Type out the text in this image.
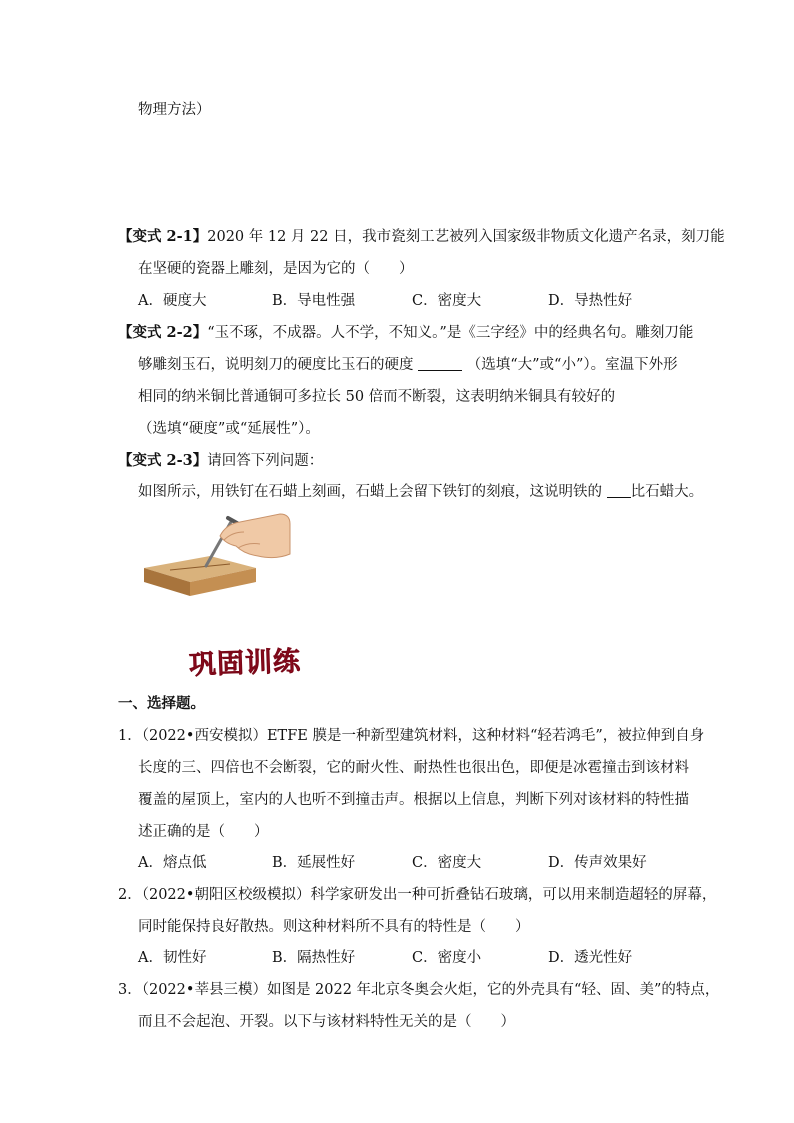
物理方法）
【变式 2-1】2020 年 12 月 22 日，我市瓷刻工艺被列入国家级非物质文化遗产名录，刻刀能
在坚硬的瓷器上雕刻，是因为它的（　　）
A．硬度大	B．导电性强	C．密度大	D．导热性好
【变式 2-2】“玉不琢，不成器。人不学，不知义。”是《三字经》中的经典名句。雕刻刀能
够雕刻玉石，说明刻刀的硬度比玉石的硬度	（选填“大”或“小”）。室温下外形
相同的纳米铜比普通铜可多拉长 50 倍而不断裂，这表明纳米铜具有较好的
（选填“硬度”或“延展性”）。
【变式 2-3】请回答下列问题：
如图所示，用铁钉在石蜡上刻画，石蜡上会留下铁钉的刻痕，这说明铁的 比石蜡大。
巩固训练
一、选择题。
1．（2022•西安模拟）ETFE 膜是一种新型建筑材料，这种材料“轻若鸿毛”，被拉伸到自身
长度的三、四倍也不会断裂，它的耐火性、耐热性也很出色，即便是冰雹撞击到该材料
覆盖的屋顶上，室内的人也听不到撞击声。根据以上信息，判断下列对该材料的特性描
述正确的是（　　）
A．熔点低	B．延展性好	C．密度大	D．传声效果好
2．（2022•朝阳区校级模拟）科学家研发出一种可折叠钻石玻璃，可以用来制造超轻的屏幕，
同时能保持良好散热。则这种材料所不具有的特性是（　　）
A．韧性好	B．隔热性好	C．密度小	D．透光性好
3．（2022•莘县三模）如图是 2022 年北京冬奥会火炬，它的外壳具有“轻、固、美”的特点，
而且不会起泡、开裂。以下与该材料特性无关的是（　　）
